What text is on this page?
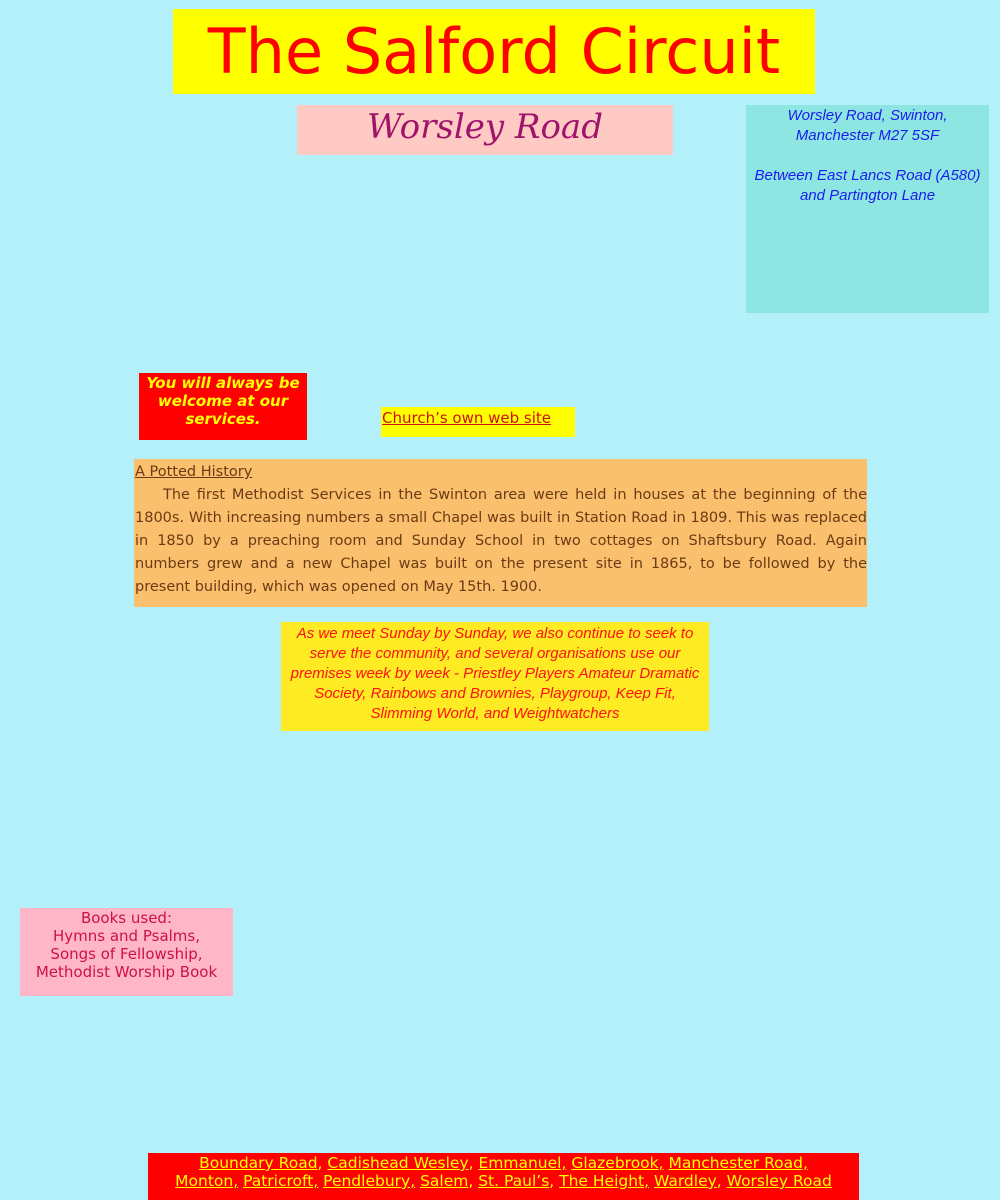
The Salford Circuit
Worsley Road	Worsley Road, Swinton,

Manchester M27 5SF

Between East Lancs Road (A580)

and Partington Lane

You will always be welcome at our services.	Church’s own web site
A Potted History

The first Methodist Services in the Swinton area were held in houses at the beginning of the 1800s. With increasing numbers a small Chapel was built in Station Road in 1809. This was replaced in 1850 by a preaching room and Sunday School in two cottages on Shaftsbury Road. Again numbers grew and a new Chapel was built on the present site in 1865, to be followed by the present building, which was opened on May 15th. 1900.

As we meet Sunday by Sunday, we also continue to seek to serve the community, and several organisations use our premises week by week - Priestley Players Amateur Dramatic Society, Rainbows and Brownies, Playgroup, Keep Fit, Slimming World, and Weightwatchers
Books used:
Hymns and Psalms,
Songs of Fellowship,
Methodist Worship Book
Boundary Road, Cadishead Wesley, Emmanuel, Glazebrook, Manchester Road,
Monton, Patricroft, Pendlebury, Salem, St. Paul’s, The Height, Wardley, Worsley Road
